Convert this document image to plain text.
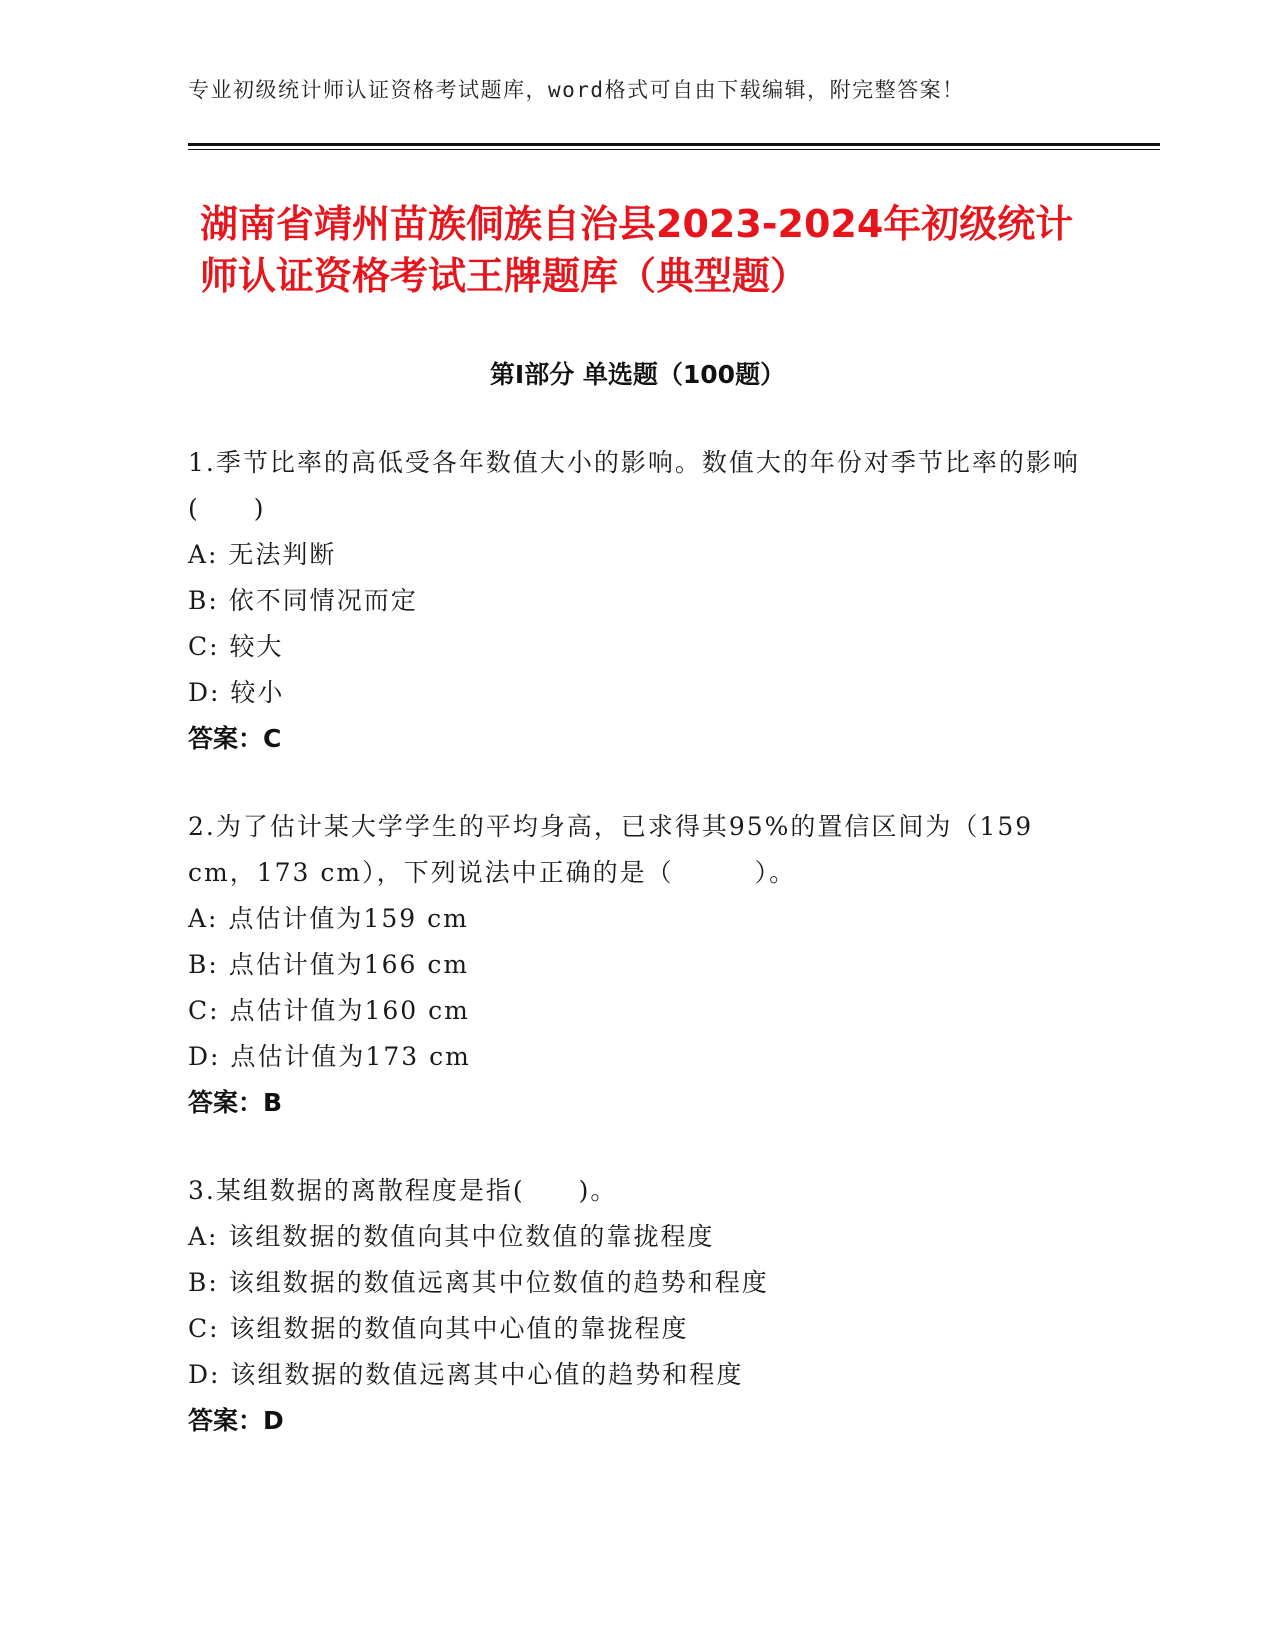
专业初级统计师认证资格考试题库，word格式可自由下载编辑，附完整答案！
湖南省靖州苗族侗族自治县2023-2024年初级统计师认证资格考试王牌题库（典型题）
第Ⅰ部分 单选题（100题）
1.季节比率的高低受各年数值大小的影响。数值大的年份对季节比率的影响(　　)
A: 无法判断
B: 依不同情况而定
C: 较大
D: 较小
答案：C
2.为了估计某大学学生的平均身高，已求得其95%的置信区间为（159 cm，173 cm），下列说法中正确的是（　　　）。
A: 点估计值为159 cm
B: 点估计值为166 cm
C: 点估计值为160 cm
D: 点估计值为173 cm
答案：B
3.某组数据的离散程度是指(　　)。
A: 该组数据的数值向其中位数值的靠拢程度
B: 该组数据的数值远离其中位数值的趋势和程度
C: 该组数据的数值向其中心值的靠拢程度
D: 该组数据的数值远离其中心值的趋势和程度
答案：D
